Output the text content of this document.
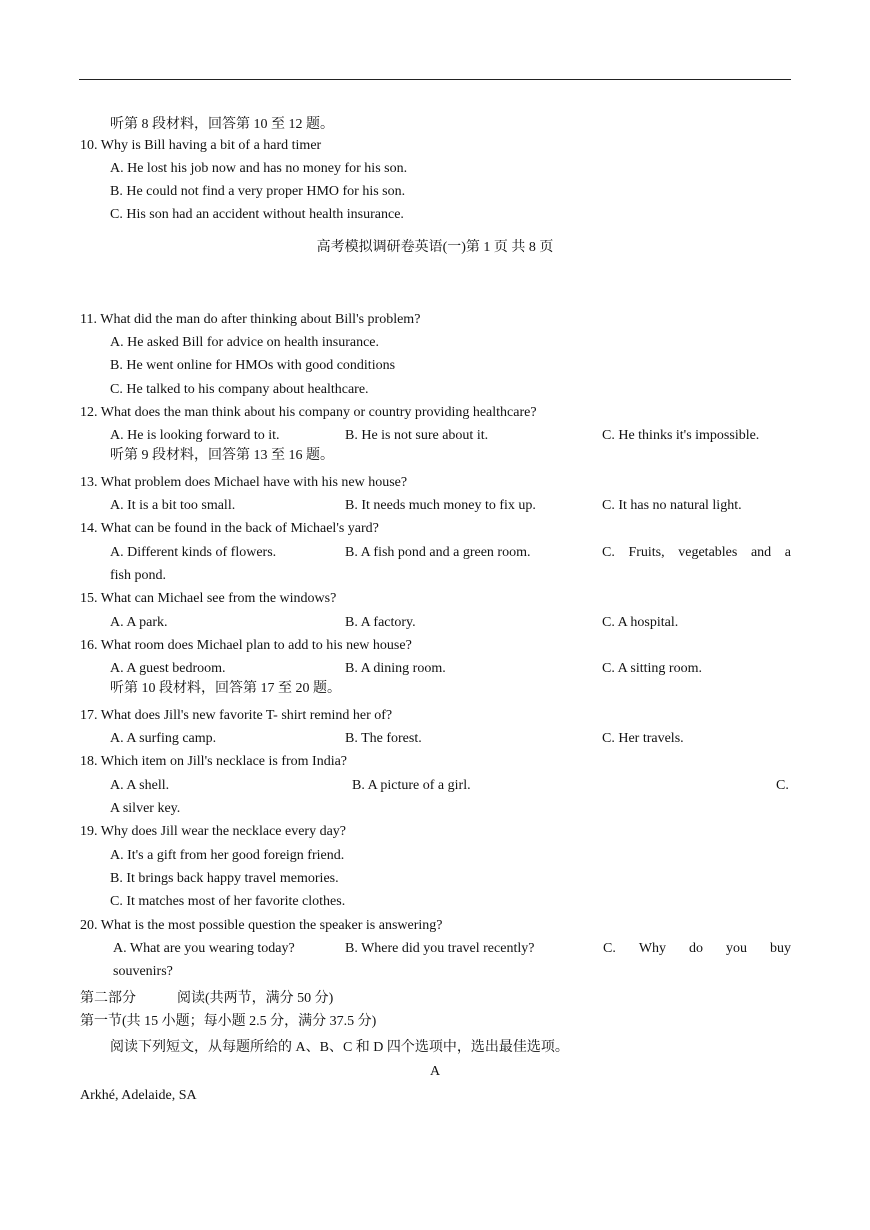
听第 8 段材料，回答第 10 至 12 题。
10. Why is Bill having a bit of a hard timer
A. He lost his job now and has no money for his son.
B. He could not find a very proper HMO for his son.
C. His son had an accident without health insurance.
高考模拟调研卷英语(一)第 1 页 共 8 页
11. What did the man do after thinking about Bill's problem?
A. He asked Bill for advice on health insurance.
B. He went online for HMOs with good conditions
C. He talked to his company about healthcare.
12. What does the man think about his company or country providing healthcare?
A. He is looking forward to it.	B. He is not sure about it.	C. He thinks it's impossible.
听第 9 段材料，回答第 13 至 16 题。
13. What problem does Michael have with his new house?
A. It is a bit too small.	B. It needs much money to fix up.	C. It has no natural light.
14. What can be found in the back of Michael's yard?
A. Different kinds of flowers.	B. A fish pond and a green room.	C. Fruits, vegetables and a
fish pond.
15. What can Michael see from the windows?
A. A park.	B. A factory.	C. A hospital.
16. What room does Michael plan to add to his new house?
A. A guest bedroom.	B. A dining room.	C. A sitting room.
听第 10 段材料，回答第 17 至 20 题。
17. What does Jill's new favorite T- shirt remind her of?
A. A surfing camp.	B. The forest.	C. Her travels.
18. Which item on Jill's necklace is from India?
A. A shell.	B. A picture of a girl.	C.
A silver key.
19. Why does Jill wear the necklace every day?
A. It's a gift from her good foreign friend.
B. It brings back happy travel memories.
C. It matches most of her favorite clothes.
20. What is the most possible question the speaker is answering?
A. What are you wearing today?	B. Where did you travel recently?	C. Why do you buy
souvenirs?
第二部分	阅读(共两节，满分 50 分)
第一节(共 15 小题；每小题 2.5 分，满分 37.5 分)
阅读下列短文，从每题所给的 A、B、C 和 D 四个选项中，选出最佳选项。
A
Arkhé, Adelaide, SA
